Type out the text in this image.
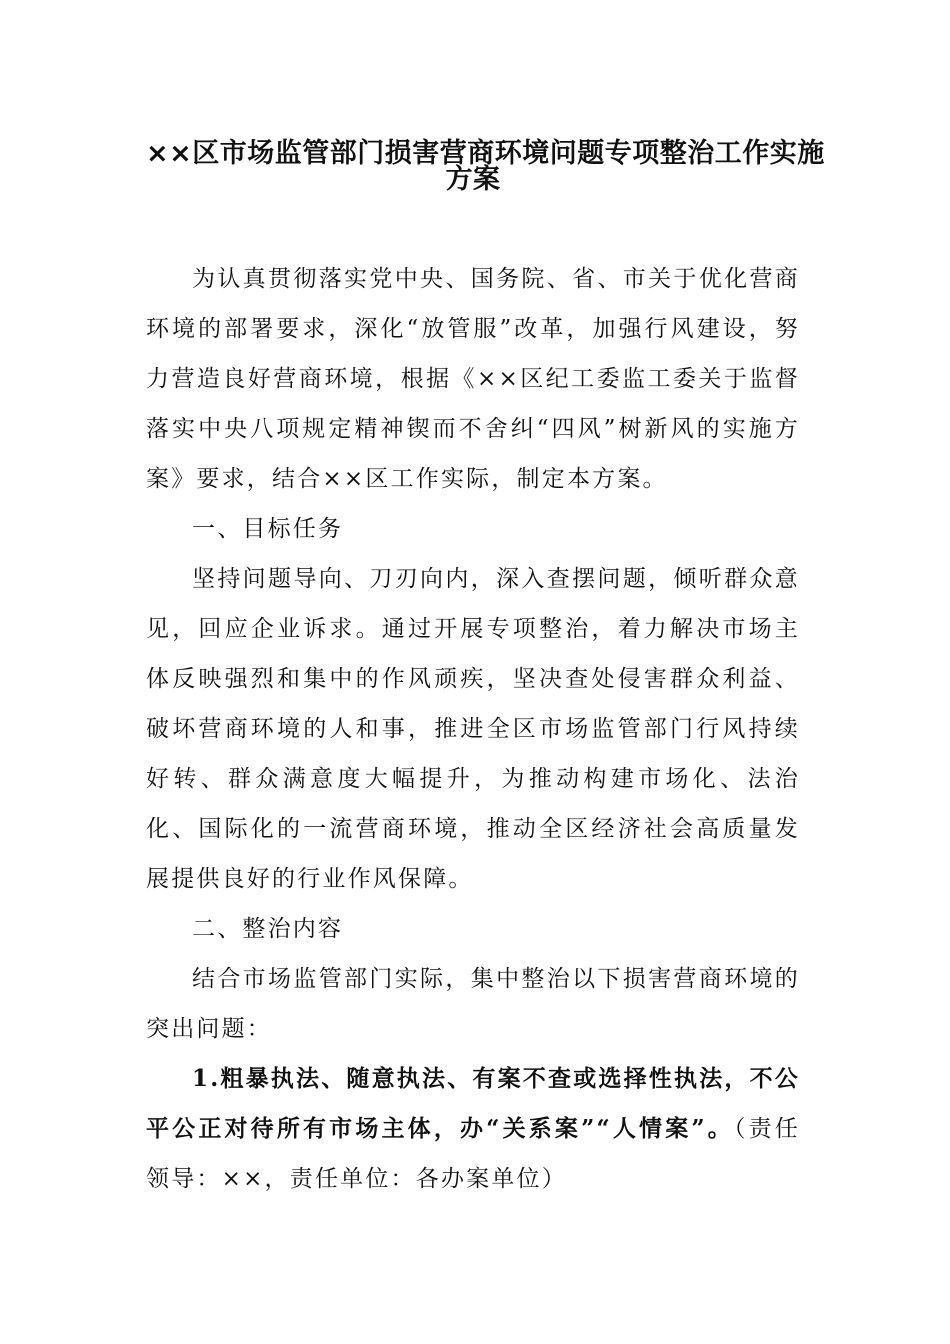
××区市场监管部门损害营商环境问题专项整治工作实施
方案

为认真贯彻落实党中央、国务院、省、市关于优化营商环境的部署要求，深化“放管服”改革，加强行风建设，努力营造良好营商环境，根据《××区纪工委监工委关于监督落实中央八项规定精神锲而不舍纠“四风”树新风的实施方案》要求，结合××区工作实际，制定本方案。

一、目标任务

坚持问题导向、刀刃向内，深入查摆问题，倾听群众意见，回应企业诉求。通过开展专项整治，着力解决市场主体反映强烈和集中的作风顽疾，坚决查处侵害群众利益、破坏营商环境的人和事，推进全区市场监管部门行风持续好转、群众满意度大幅提升，为推动构建市场化、法治化、国际化的一流营商环境，推动全区经济社会高质量发展提供良好的行业作风保障。

二、整治内容

结合市场监管部门实际，集中整治以下损害营商环境的突出问题：

1.粗暴执法、随意执法、有案不查或选择性执法，不公平公正对待所有市场主体，办“关系案”“人情案”。（责任领导：××，责任单位：各办案单位）
